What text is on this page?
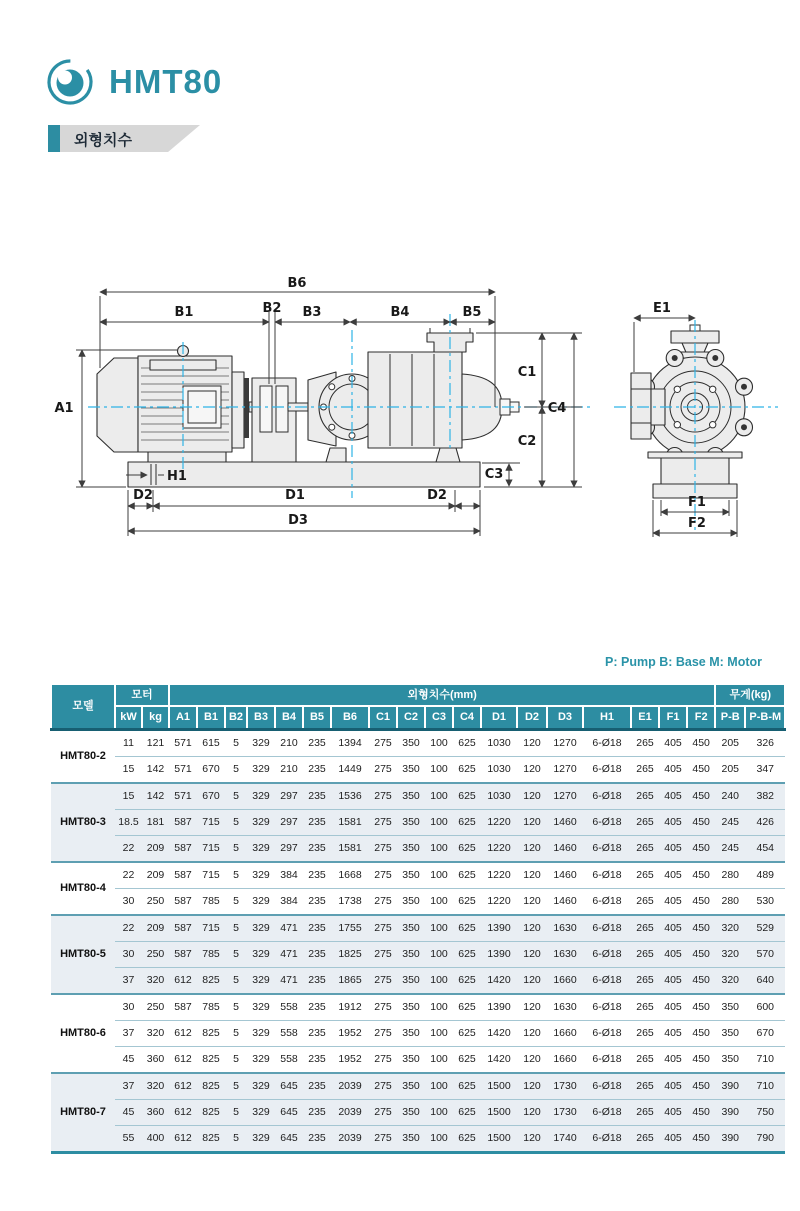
HMT80
외형치수
B6
B1	B2 B3	B4	B5
A1
C1
C2
C4
C3
H1
D2	D1	D2
D3
E1
F1
F2
P: Pump B: Base M: Motor
모델	모터		외형치수(mm)																		무게(kg)	
	kW	kg	A1	B1	B2	B3	B4	B5	B6	C1	C2	C3	C4	D1	D2	D3	H1	E1	F1	F2	P-B	P-B-M
HMT80-2	11	121	571	615	5	329	210	235	1394	275	350	100	625	1030	120	1270	6-Ø18	265	405	450	205	326
	15	142	571	670	5	329	210	235	1449	275	350	100	625	1030	120	1270	6-Ø18	265	405	450	205	347
HMT80-3	15	142	571	670	5	329	297	235	1536	275	350	100	625	1030	120	1270	6-Ø18	265	405	450	240	382
	18.5	181	587	715	5	329	297	235	1581	275	350	100	625	1220	120	1460	6-Ø18	265	405	450	245	426
	22	209	587	715	5	329	297	235	1581	275	350	100	625	1220	120	1460	6-Ø18	265	405	450	245	454
HMT80-4	22	209	587	715	5	329	384	235	1668	275	350	100	625	1220	120	1460	6-Ø18	265	405	450	280	489
	30	250	587	785	5	329	384	235	1738	275	350	100	625	1220	120	1460	6-Ø18	265	405	450	280	530
HMT80-5	22	209	587	715	5	329	471	235	1755	275	350	100	625	1390	120	1630	6-Ø18	265	405	450	320	529
	30	250	587	785	5	329	471	235	1825	275	350	100	625	1390	120	1630	6-Ø18	265	405	450	320	570
	37	320	612	825	5	329	471	235	1865	275	350	100	625	1420	120	1660	6-Ø18	265	405	450	320	640
HMT80-6	30	250	587	785	5	329	558	235	1912	275	350	100	625	1390	120	1630	6-Ø18	265	405	450	350	600
	37	320	612	825	5	329	558	235	1952	275	350	100	625	1420	120	1660	6-Ø18	265	405	450	350	670
	45	360	612	825	5	329	558	235	1952	275	350	100	625	1420	120	1660	6-Ø18	265	405	450	350	710
HMT80-7	37	320	612	825	5	329	645	235	2039	275	350	100	625	1500	120	1730	6-Ø18	265	405	450	390	710
	45	360	612	825	5	329	645	235	2039	275	350	100	625	1500	120	1730	6-Ø18	265	405	450	390	750
	55	400	612	825	5	329	645	235	2039	275	350	100	625	1500	120	1740	6-Ø18	265	405	450	390	790
